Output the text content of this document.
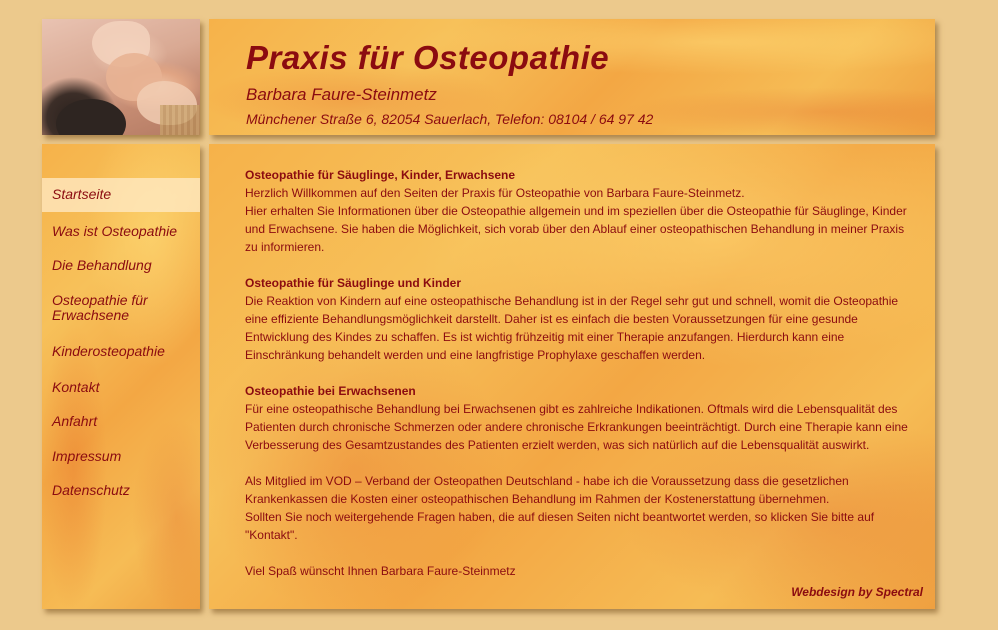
Praxis für Osteopathie
Barbara Faure-Steinmetz
Münchener Straße 6, 82054 Sauerlach, Telefon: 08104 / 64 97 42
Startseite
Was ist Osteopathie
Die Behandlung
Osteopathie für Erwachsene
Kinderosteopathie
Kontakt
Anfahrt
Impressum
Datenschutz
Osteopathie für Säuglinge, Kinder, Erwachsene
Herzlich Willkommen auf den Seiten der Praxis für Osteopathie von Barbara Faure-Steinmetz.

Hier erhalten Sie Informationen über die Osteopathie allgemein und im speziellen über die Osteopathie für Säuglinge, Kinder und Erwachsene. Sie haben die Möglichkeit, sich vorab über den Ablauf einer osteopathischen Behandlung in meiner Praxis zu informieren.

Osteopathie für Säuglinge und Kinder

Die Reaktion von Kindern auf eine osteopathische Behandlung ist in der Regel sehr gut und schnell, womit die Osteopathie eine effiziente Behandlungsmöglichkeit darstellt. Daher ist es einfach die besten Voraussetzungen für eine gesunde Entwicklung des Kindes zu schaffen. Es ist wichtig frühzeitig mit einer Therapie anzufangen. Hierdurch kann eine Einschränkung behandelt werden und eine langfristige Prophylaxe geschaffen werden.

Osteopathie bei Erwachsenen

Für eine osteopathische Behandlung bei Erwachsenen gibt es zahlreiche Indikationen. Oftmals wird die Lebensqualität des Patienten durch chronische Schmerzen oder andere chronische Erkrankungen beeinträchtigt. Durch eine Therapie kann eine Verbesserung des Gesamtzustandes des Patienten erzielt werden, was sich natürlich auf die Lebensqualität auswirkt.

Als Mitglied im VOD – Verband der Osteopathen Deutschland - habe ich die Voraussetzung dass die gesetzlichen Krankenkassen die Kosten einer osteopathischen Behandlung im Rahmen der Kostenerstattung übernehmen.

Sollten Sie noch weitergehende Fragen haben, die auf diesen Seiten nicht beantwortet werden, so klicken Sie bitte auf "Kontakt".

Viel Spaß wünscht Ihnen Barbara Faure-Steinmetz
Webdesign by Spectral
